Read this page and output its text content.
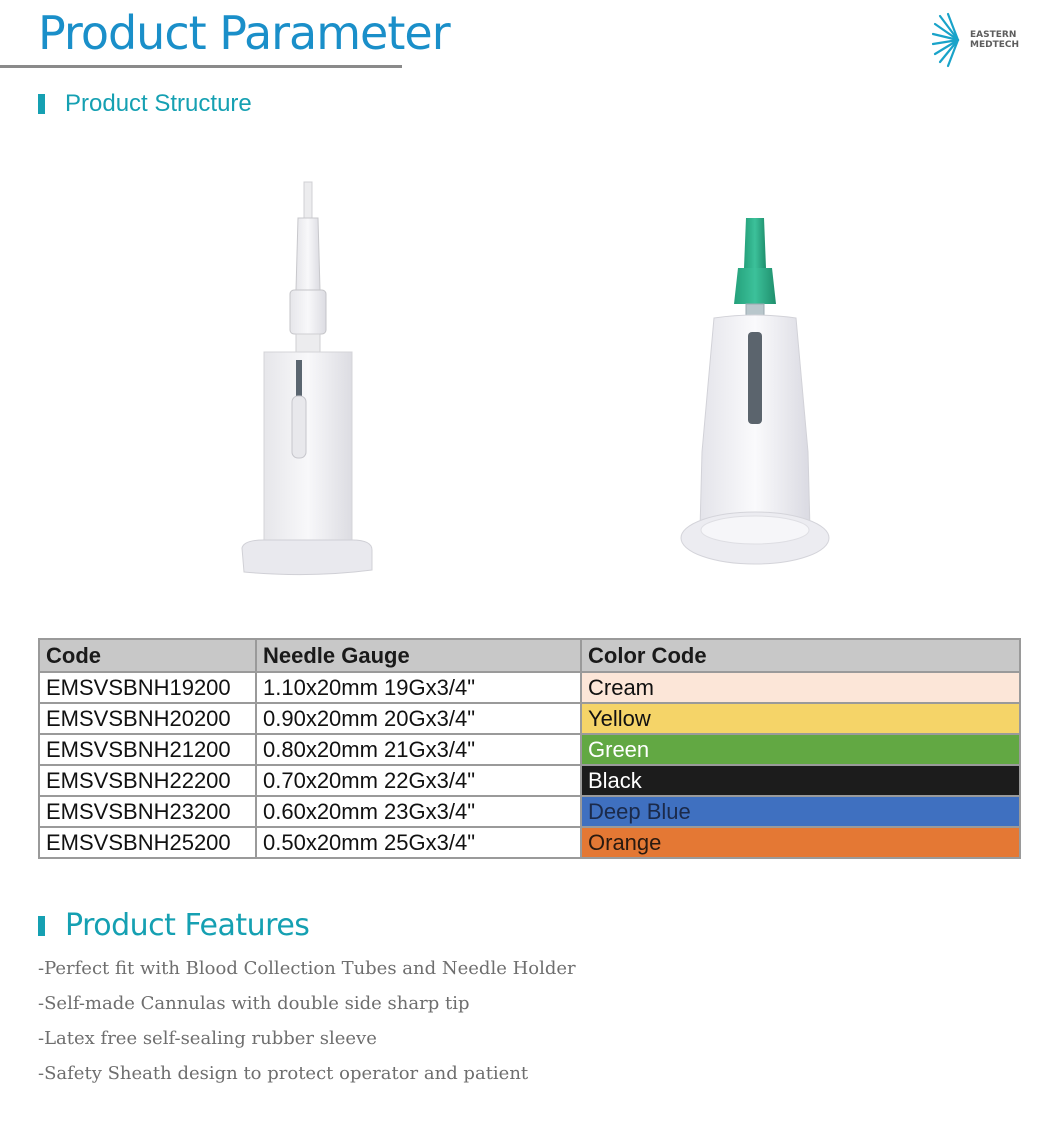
Product Parameter	EASTERN
MEDTECH
Product Structure
Code	Needle Gauge	Color Code
EMSVSBNH19200	1.10x20mm 19Gx3/4"	Cream
EMSVSBNH20200	0.90x20mm 20Gx3/4"	Yellow
EMSVSBNH21200	0.80x20mm 21Gx3/4"	Green
EMSVSBNH22200	0.70x20mm 22Gx3/4"	Black
EMSVSBNH23200	0.60x20mm 23Gx3/4"	Deep Blue
EMSVSBNH25200	0.50x20mm 25Gx3/4"	Orange
Product Features
-Perfect fit with Blood Collection Tubes and Needle Holder
-Self-made Cannulas with double side sharp tip
-Latex free self-sealing rubber sleeve
-Safety Sheath design to protect operator and patient
